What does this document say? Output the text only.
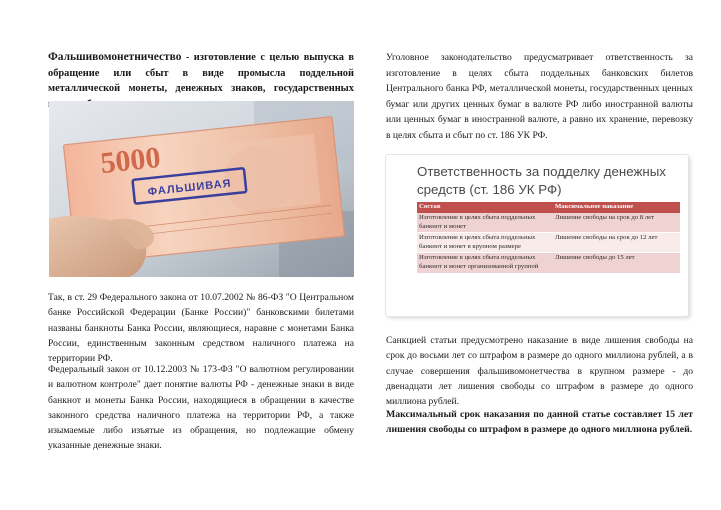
Фальшивомонетничество - изготовление с целью выпуска в обращение или сбыт в виде промысла поддельной металлической монеты, денежных знаков, государственных

5000
ФАЛЬШИВАЯ

Так, в ст. 29 Федерального закона от 10.07.2002 № 86-ФЗ "О Центральном банке Российской Федерации (Банке России)" банковскими билетами названы банкноты Банка России, являющиеся, наравне с монетами Банка России, единственным законным средством наличного платежа на территории РФ.

Федеральный закон от 10.12.2003 № 173-ФЗ "О валютном регулировании и валютном контроле" дает понятие валюты РФ - денежные знаки в виде банкнот и монеты Банка России, находящиеся в обращении в качестве законного средства наличного платежа на территории РФ, а также изымаемые либо изъятые из обращения, но подлежащие обмену указанные денежные знаки.

Уголовное законодательство предусматривает ответственность за изготовление в целях сбыта поддельных банковских билетов Центрального банка РФ, металлической монеты, государственных ценных бумаг или других ценных бумаг в валюте РФ либо иностранной валюты или ценных бумаг в иностранной валюте, а равно их хранение, перевозку в целях сбыта и сбыт по ст. 186 УК РФ.

Ответственность за подделку денежных средств (ст. 186 УК РФ)
Состав	Максимальное наказание
Изготовление в целях сбыта поддельных банкнот и монет	Лишение свободы на срок до 8 лет
Изготовление в целях сбыта поддельных банкнот и монет в крупном размере	Лишение свободы на срок до 12 лет
Изготовление в целях сбыта поддельных банкнот и монет организованной группой	Лишение свободы до 15 лет

Санкцией статьи предусмотрено наказание в виде лишения свободы на срок до восьми лет со штрафом в размере до одного миллиона рублей, а в случае совершения фальшивомонетчества в крупном размере - до двенадцати лет лишения свободы со штрафом в размере до одного миллиона рублей.

Максимальный срок наказания по данной статье составляет 15 лет лишения свободы со штрафом в размере до одного миллиона рублей.
